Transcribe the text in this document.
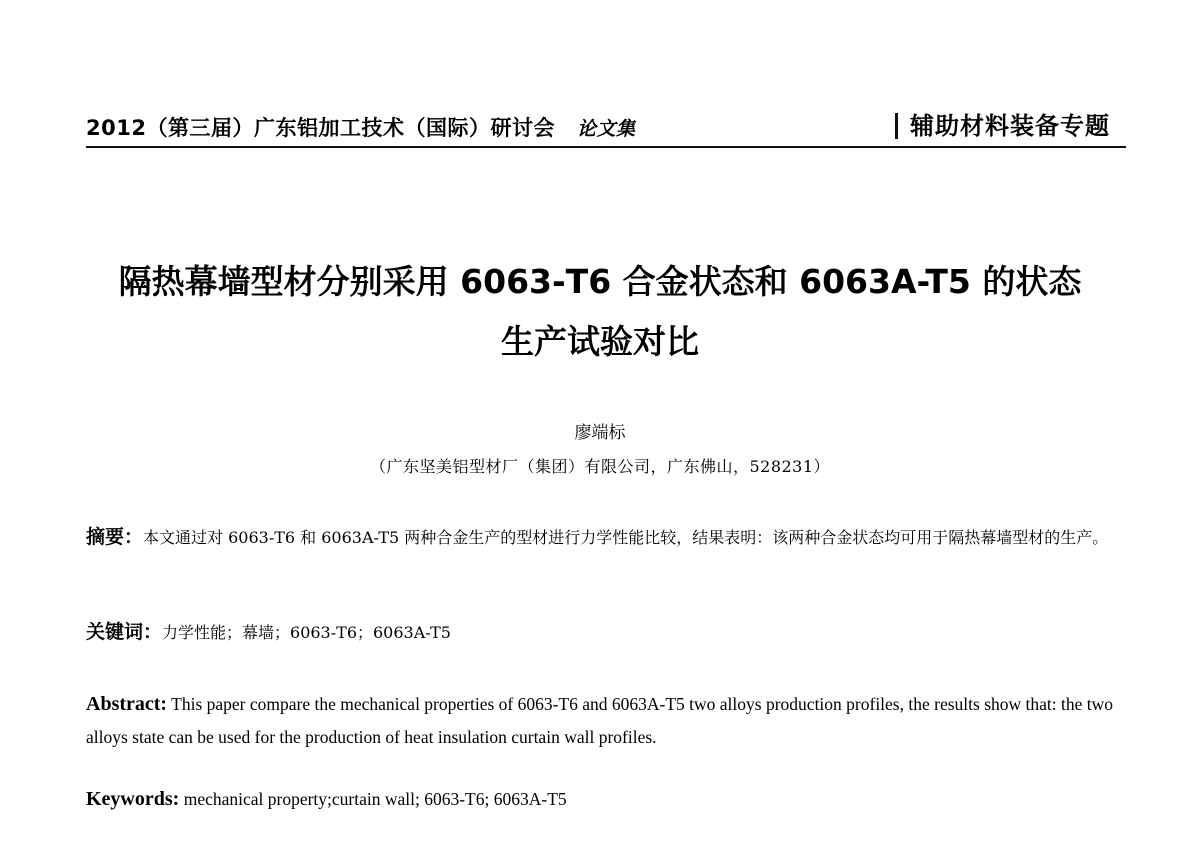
2012（第三届）广东铝加工技术（国际）研讨会 论文集	辅助材料装备专题
隔热幕墙型材分别采用 6063-T6 合金状态和 6063A-T5 的状态
生产试验对比
廖端标
（广东坚美铝型材厂（集团）有限公司，广东佛山，528231）
摘要：本文通过对 6063-T6 和 6063A-T5 两种合金生产的型材进行力学性能比较，结果表明：该两种合金状态均可用于隔热幕墙型材的生产。
关键词：力学性能；幕墙；6063-T6；6063A-T5
Abstract: This paper compare the mechanical properties of 6063-T6 and 6063A-T5 two alloys production profiles, the results show that: the two alloys state can be used for the production of heat insulation curtain wall profiles.
Keywords: mechanical property;curtain wall; 6063-T6; 6063A-T5
